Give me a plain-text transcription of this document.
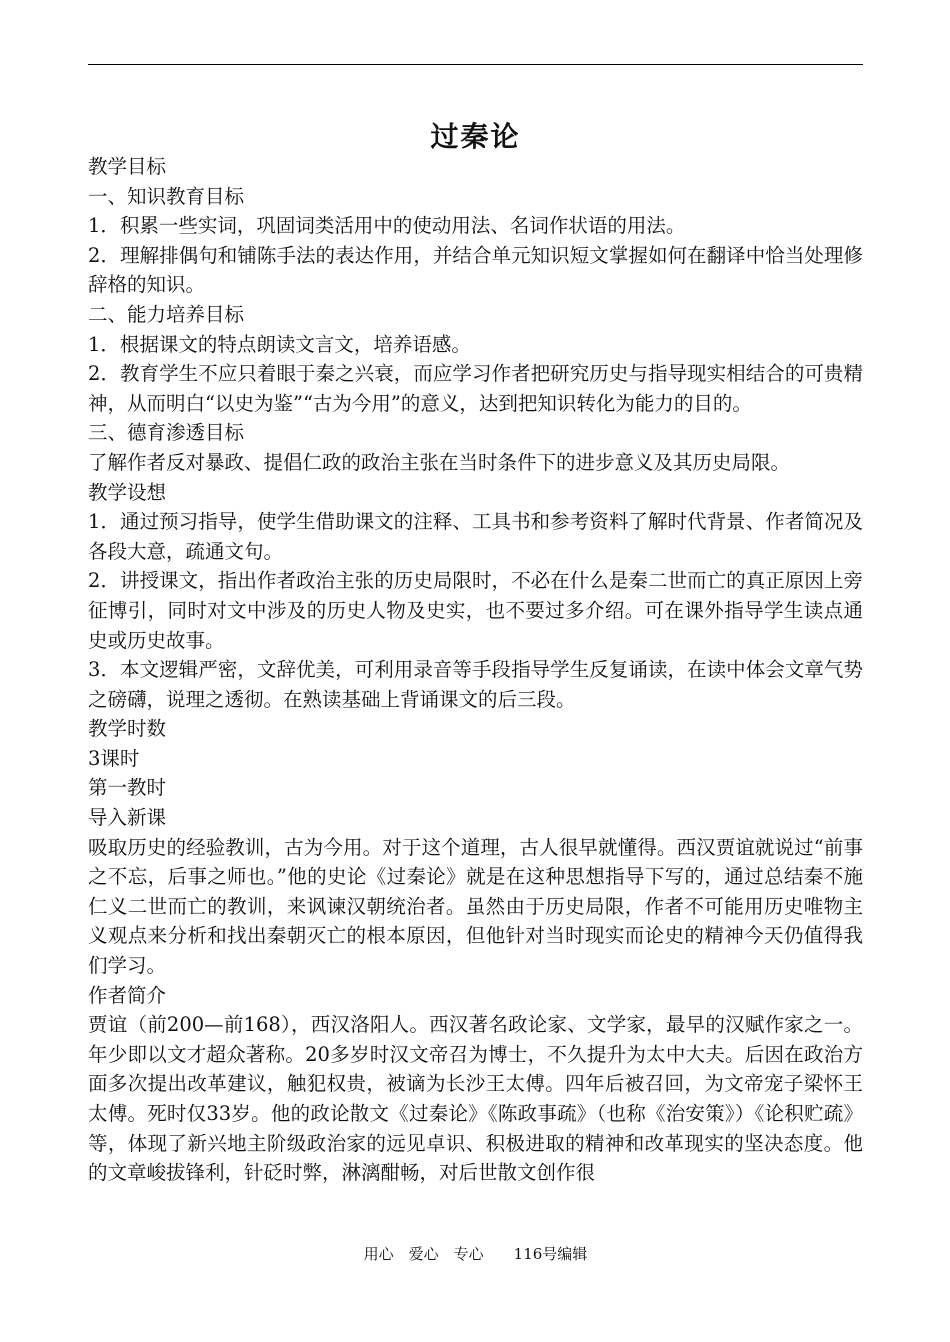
过秦论

教学目标

一、知识教育目标

1．积累一些实词，巩固词类活用中的使动用法、名词作状语的用法。

2．理解排偶句和铺陈手法的表达作用，并结合单元知识短文掌握如何在翻译中恰当处理修辞格的知识。

二、能力培养目标

1．根据课文的特点朗读文言文，培养语感。

2．教育学生不应只着眼于秦之兴衰，而应学习作者把研究历史与指导现实相结合的可贵精神，从而明白“以史为鉴”“古为今用”的意义，达到把知识转化为能力的目的。

三、德育渗透目标

了解作者反对暴政、提倡仁政的政治主张在当时条件下的进步意义及其历史局限。

教学设想

1．通过预习指导，使学生借助课文的注释、工具书和参考资料了解时代背景、作者简况及各段大意，疏通文句。

2．讲授课文，指出作者政治主张的历史局限时，不必在什么是秦二世而亡的真正原因上旁征博引，同时对文中涉及的历史人物及史实，也不要过多介绍。可在课外指导学生读点通史或历史故事。

3．本文逻辑严密，文辞优美，可利用录音等手段指导学生反复诵读，在读中体会文章气势之磅礴，说理之透彻。在熟读基础上背诵课文的后三段。

教学时数

3课时

第一教时

导入新课

吸取历史的经验教训，古为今用。对于这个道理，古人很早就懂得。西汉贾谊就说过“前事之不忘，后事之师也。”他的史论《过秦论》就是在这种思想指导下写的，通过总结秦不施仁义二世而亡的教训，来讽谏汉朝统治者。虽然由于历史局限，作者不可能用历史唯物主义观点来分析和找出秦朝灭亡的根本原因，但他针对当时现实而论史的精神今天仍值得我们学习。

作者简介

贾谊（前200—前168），西汉洛阳人。西汉著名政论家、文学家，最早的汉赋作家之一。年少即以文才超众著称。20多岁时汉文帝召为博士，不久提升为太中大夫。后因在政治方面多次提出改革建议，触犯权贵，被谪为长沙王太傅。四年后被召回，为文帝宠子梁怀王太傅。死时仅33岁。他的政论散文《过秦论》《陈政事疏》（也称《治安策》）《论积贮疏》等，体现了新兴地主阶级政治家的远见卓识、积极进取的精神和改革现实的坚决态度。他的文章峻拔锋利，针砭时弊，淋漓酣畅，对后世散文创作很

用心　爱心　专心　　116号编辑
